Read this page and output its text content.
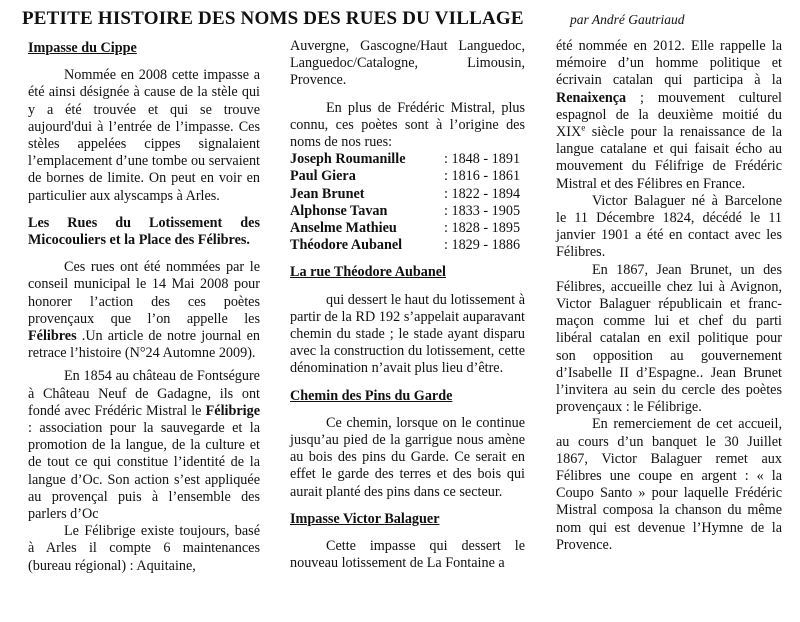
PETITE HISTOIRE DES NOMS DES RUES DU VILLAGE	par André Gautriaud

Impasse du Cippe

Nommée en 2008 cette impasse a été ainsi désignée à cause de la stèle qui y a été trouvée et qui se trouve aujourd'dui à l’entrée de l’impasse. Ces stèles appelées cippes signalaient l’emplacement d’une tombe ou servaient de bornes de limite. On peut en voir en particulier aux alyscamps à Arles.

Les Rues du Lotissement des Micocouliers et la Place des Félibres.

Ces rues ont été nommées par le conseil municipal le 14 Mai 2008 pour honorer l’action des ces poètes provençaux que l’on appelle les Félibres .Un article de notre journal en retrace l’histoire (N°24 Automne 2009).

En 1854 au château de Fontségure à Château Neuf de Gadagne, ils ont fondé avec Frédéric Mistral le Félibrige : association pour la sauvegarde et la promotion de la langue, de la culture et de tout ce qui constitue l’identité de la langue d’Oc. Son action s’est appliquée au provençal puis à l’ensemble des parlers d’Oc

Le Félibrige existe toujours, basé à Arles il compte 6 maintenances (bureau régional) : Aquitaine,

Auvergne, Gascogne/Haut Languedoc, Languedoc/Catalogne, Limousin, Provence.

En plus de Frédéric Mistral, plus connu, ces poètes sont à l’origine des noms de nos rues:

Joseph Roumanille	: 1848 - 1891
Paul Giera	: 1816 - 1861
Jean Brunet	: 1822 - 1894
Alphonse Tavan	: 1833 - 1905
Anselme Mathieu	: 1828 - 1895
Théodore Aubanel	: 1829 - 1886

La rue Théodore Aubanel

qui dessert le haut du lotissement à partir de la RD 192 s’appelait auparavant chemin du stade ; le stade ayant disparu avec la construction du lotissement, cette dénomination n’avait plus lieu d’être.

Chemin des Pins du Garde

Ce chemin, lorsque on le continue jusqu’au pied de la garrigue nous amène au bois des pins du Garde. Ce serait en effet le garde des terres et des bois qui aurait planté des pins dans ce secteur.

Impasse Victor Balaguer

Cette impasse qui dessert le nouveau lotissement de La Fontaine a

été nommée en 2012. Elle rappelle la mémoire d’un homme politique et écrivain catalan qui participa à la Renaixença ; mouvement culturel espagnol de la deuxième moitié du XIXe siècle pour la renaissance de la langue catalane et qui faisait écho au mouvement du Félifrige de Frédéric Mistral et des Félibres en France.

Victor Balaguer né à Barcelone le 11 Décembre 1824, décédé le 11 janvier 1901 a été en contact avec les Félibres.

En 1867, Jean Brunet, un des Félibres, accueille chez lui à Avignon, Victor Balaguer républicain et franc-maçon comme lui et chef du parti libéral catalan en exil politique pour son opposition au gouvernement d’Isabelle II d’Espagne.. Jean Brunet l’invitera au sein du cercle des poètes provençaux : le Félibrige.

En remerciement de cet accueil, au cours d’un banquet le 30 Juillet 1867, Victor Balaguer remet aux Félibres une coupe en argent : « la Coupo Santo » pour laquelle Frédéric Mistral composa la chanson du même nom qui est devenue l’Hymne de la Provence.
